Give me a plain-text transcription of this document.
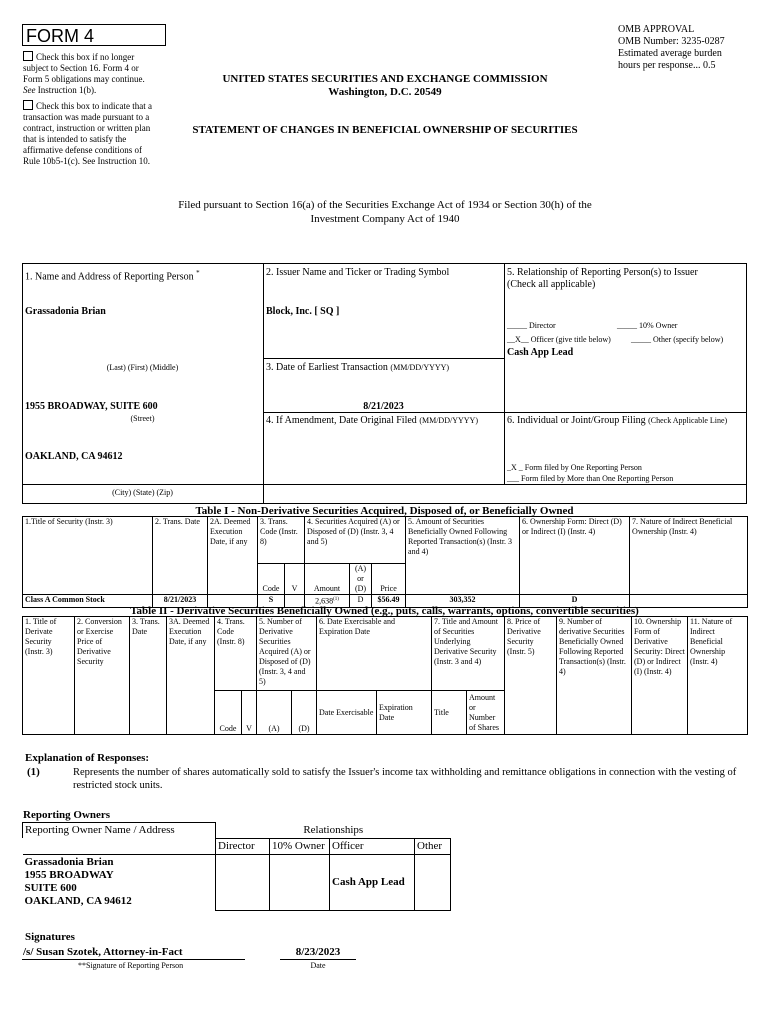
FORM 4
Check this box if no longer subject to Section 16. Form 4 or Form 5 obligations may continue. See Instruction 1(b).
Check this box to indicate that a transaction was made pursuant to a contract, instruction or written plan that is intended to satisfy the affirmative defense conditions of Rule 10b5-1(c). See Instruction 10.
OMB APPROVAL
OMB Number: 3235-0287
Estimated average burden
hours per response... 0.5
UNITED STATES SECURITIES AND EXCHANGE COMMISSION
Washington, D.C. 20549
STATEMENT OF CHANGES IN BENEFICIAL OWNERSHIP OF SECURITIES
Filed pursuant to Section 16(a) of the Securities Exchange Act of 1934 or Section 30(h) of the
Investment Company Act of 1940
1. Name and Address of Reporting Person *
Grassadonia Brian
(Last) (First) (Middle)
1955 BROADWAY, SUITE 600
(Street)
OAKLAND, CA 94612
(City) (State) (Zip)
2. Issuer Name and Ticker or Trading Symbol
Block, Inc. [ SQ ]
3. Date of Earliest Transaction (MM/DD/YYYY)
8/21/2023
4. If Amendment, Date Original Filed (MM/DD/YYYY)
5. Relationship of Reporting Person(s) to Issuer
(Check all applicable)
_____ Director	_____ 10% Owner
__X__ Officer (give title below)	_____ Other (specify below)
Cash App Lead
6. Individual or Joint/Group Filing (Check Applicable Line)
_X _ Form filed by One Reporting Person
___ Form filed by More than One Reporting Person
Table I - Non-Derivative Securities Acquired, Disposed of, or Beneficially Owned
1.Title of Security (Instr. 3)	2. Trans. Date	2A. Deemed Execution Date, if any	3. Trans. Code (Instr. 8)		4. Securities Acquired (A) or Disposed of (D) (Instr. 3, 4 and 5)			5. Amount of Securities Beneficially Owned Following Reported Transaction(s) (Instr. 3 and 4)	6. Ownership Form: Direct (D) or Indirect (I) (Instr. 4)	7. Nature of Indirect Beneficial Ownership (Instr. 4)
			Code	V	Amount	(A) or (D)	Price			
Class A Common Stock	8/21/2023		S		2,638$^{(1)}$	D	$56.49	303,352	D	
Table II - Derivative Securities Beneficially Owned (e.g., puts, calls, warrants, options, convertible securities)
1. Title of Derivate Security (Instr. 3)	2. Conversion or Exercise Price of Derivative Security	3. Trans. Date	3A. Deemed Execution Date, if any	4. Trans. Code (Instr. 8)		5. Number of Derivative Securities Acquired (A) or Disposed of (D) (Instr. 3, 4 and 5)		6. Date Exercisable and Expiration Date		7. Title and Amount of Securities Underlying Derivative Security (Instr. 3 and 4)		8. Price of Derivative Security (Instr. 5)	9. Number of derivative Securities Beneficially Owned Following Reported Transaction(s) (Instr. 4)	10. Ownership Form of Derivative Security: Direct (D) or Indirect (I) (Instr. 4)	11. Nature of Indirect Beneficial Ownership (Instr. 4)
				Code	V	(A)	(D)	Date Exercisable	Expiration Date	Title	Amount or Number of Shares				
Explanation of Responses:
(1)	Represents the number of shares automatically sold to satisfy the Issuer's income tax withholding and remittance obligations in connection with the vesting of restricted stock units.
Reporting Owners
Reporting Owner Name / Address	Relationships			
	Director	10% Owner	Officer	Other

Grassadonia Brian
1955 BROADWAY
SUITE 600
OAKLAND, CA 94612			Cash App Lead	
Signatures
/s/ Susan Szotek, Attorney-in-Fact
**Signature of Reporting Person
8/23/2023
Date
